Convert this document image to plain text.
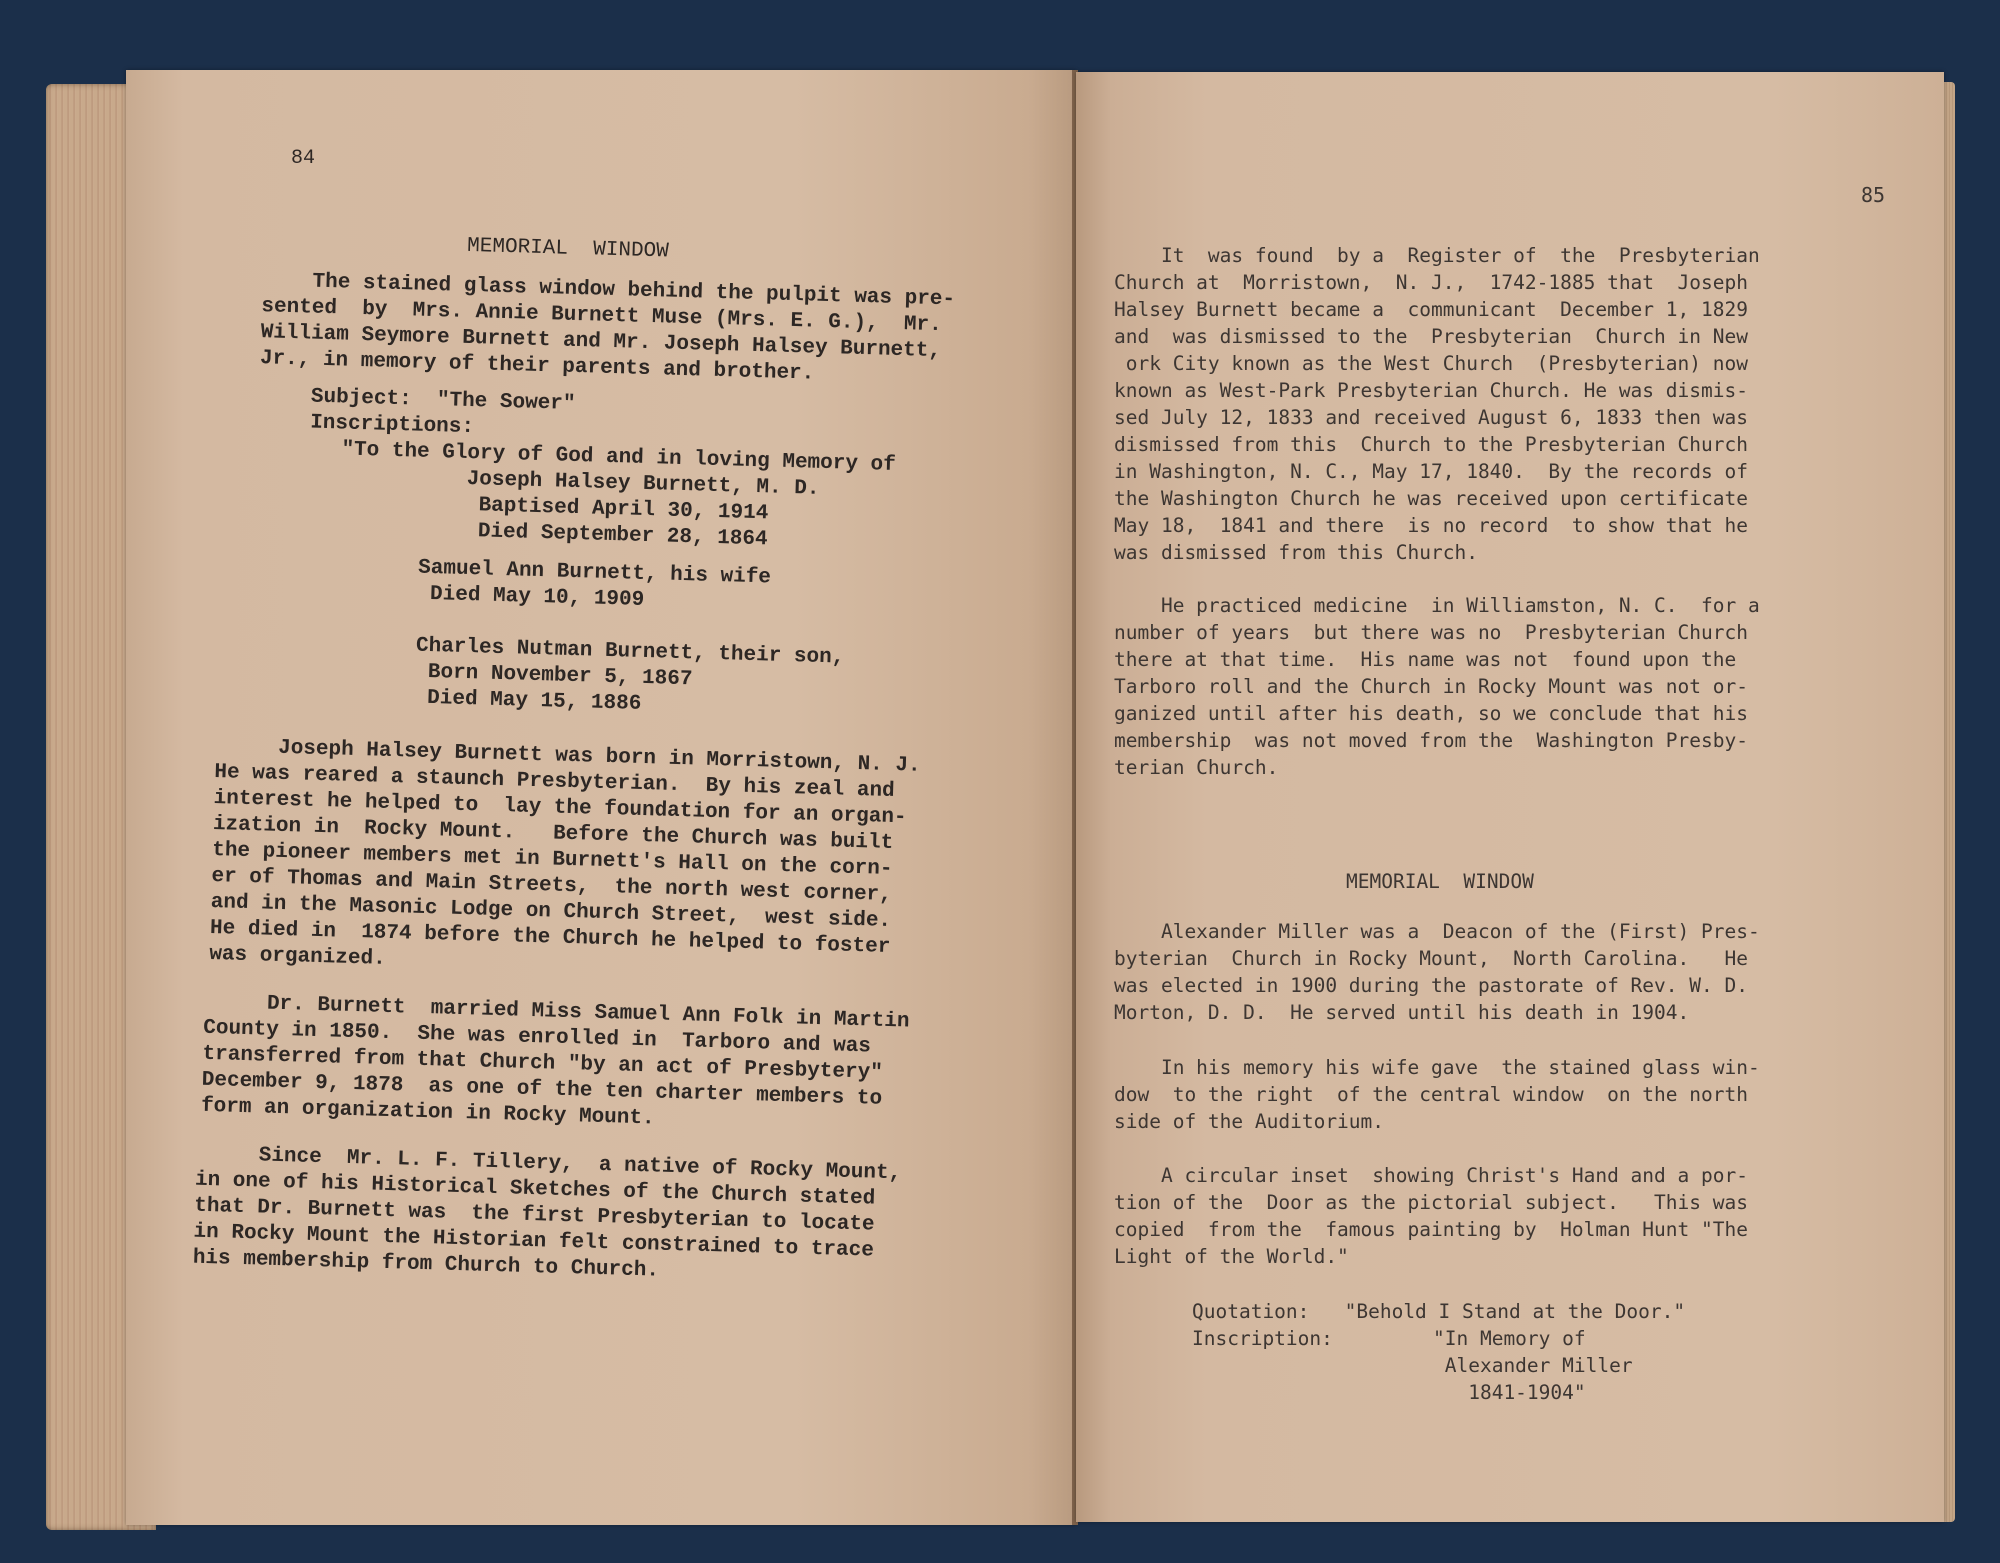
84
MEMORIAL  WINDOW
The stained glass window behind the pulpit was pre-
sented  by  Mrs. Annie Burnett Muse (Mrs. E. G.),  Mr.
William Seymore Burnett and Mr. Joseph Halsey Burnett,
Jr., in memory of their parents and brother.
Subject:  "The Sower"
Inscriptions:
"To the Glory of God and in loving Memory of
Joseph Halsey Burnett, M. D.
Baptised April 30, 1914
Died September 28, 1864
Samuel Ann Burnett, his wife
Died May 10, 1909
Charles Nutman Burnett, their son,
Born November 5, 1867
Died May 15, 1886
Joseph Halsey Burnett was born in Morristown, N. J.
He was reared a staunch Presbyterian.  By his zeal and
interest he helped to  lay the foundation for an organ-
ization in  Rocky Mount.   Before the Church was built
the pioneer members met in Burnett's Hall on the corn-
er of Thomas and Main Streets,  the north west corner,
and in the Masonic Lodge on Church Street,  west side.
He died in  1874 before the Church he helped to foster
was organized.
Dr. Burnett  married Miss Samuel Ann Folk in Martin
County in 1850.  She was enrolled in  Tarboro and was
transferred from that Church "by an act of Presbytery"
December 9, 1878  as one of the ten charter members to
form an organization in Rocky Mount.
Since  Mr. L. F. Tillery,  a native of Rocky Mount,
in one of his Historical Sketches of the Church stated
that Dr. Burnett was  the first Presbyterian to locate
in Rocky Mount the Historian felt constrained to trace
his membership from Church to Church.
85
It  was found  by a  Register of  the  Presbyterian
Church at  Morristown,  N. J.,  1742-1885 that  Joseph
Halsey Burnett became a  communicant  December 1, 1829
and  was dismissed to the  Presbyterian  Church in New
ork City known as the West Church  (Presbyterian) now
known as West-Park Presbyterian Church. He was dismis-
sed July 12, 1833 and received August 6, 1833 then was
dismissed from this  Church to the Presbyterian Church
in Washington, N. C., May 17, 1840.  By the records of
the Washington Church he was received upon certificate
May 18,  1841 and there  is no record  to show that he
was dismissed from this Church.
He practiced medicine  in Williamston, N. C.  for a
number of years  but there was no  Presbyterian Church
there at that time.  His name was not  found upon the
Tarboro roll and the Church in Rocky Mount was not or-
ganized until after his death, so we conclude that his
membership  was not moved from the  Washington Presby-
terian Church.
MEMORIAL  WINDOW
Alexander Miller was a  Deacon of the (First) Pres-
byterian  Church in Rocky Mount,  North Carolina.   He
was elected in 1900 during the pastorate of Rev. W. D.
Morton, D. D.  He served until his death in 1904.
In his memory his wife gave  the stained glass win-
dow  to the right  of the central window  on the north
side of the Auditorium.
A circular inset  showing Christ's Hand and a por-
tion of the  Door as the pictorial subject.   This was
copied  from the  famous painting by  Holman Hunt "The
Light of the World."
Quotation:   "Behold I Stand at the Door."
Inscription:	"In Memory of
Alexander Miller
1841-1904"
